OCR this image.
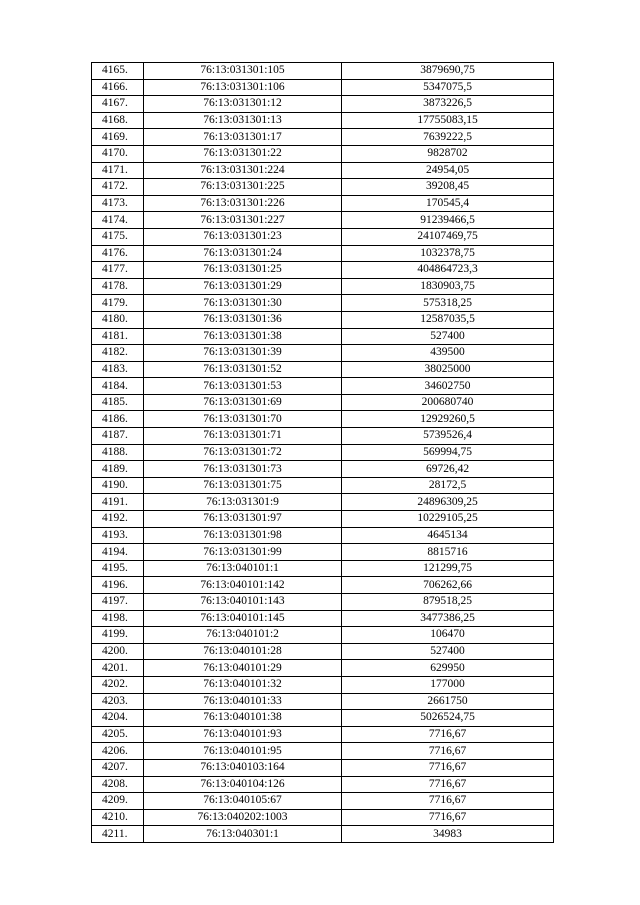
4165.	76:13:031301:105	3879690,75
4166.	76:13:031301:106	5347075,5
4167.	76:13:031301:12	3873226,5
4168.	76:13:031301:13	17755083,15
4169.	76:13:031301:17	7639222,5
4170.	76:13:031301:22	9828702
4171.	76:13:031301:224	24954,05
4172.	76:13:031301:225	39208,45
4173.	76:13:031301:226	170545,4
4174.	76:13:031301:227	91239466,5
4175.	76:13:031301:23	24107469,75
4176.	76:13:031301:24	1032378,75
4177.	76:13:031301:25	404864723,3
4178.	76:13:031301:29	1830903,75
4179.	76:13:031301:30	575318,25
4180.	76:13:031301:36	12587035,5
4181.	76:13:031301:38	527400
4182.	76:13:031301:39	439500
4183.	76:13:031301:52	38025000
4184.	76:13:031301:53	34602750
4185.	76:13:031301:69	200680740
4186.	76:13:031301:70	12929260,5
4187.	76:13:031301:71	5739526,4
4188.	76:13:031301:72	569994,75
4189.	76:13:031301:73	69726,42
4190.	76:13:031301:75	28172,5
4191.	76:13:031301:9	24896309,25
4192.	76:13:031301:97	10229105,25
4193.	76:13:031301:98	4645134
4194.	76:13:031301:99	8815716
4195.	76:13:040101:1	121299,75
4196.	76:13:040101:142	706262,66
4197.	76:13:040101:143	879518,25
4198.	76:13:040101:145	3477386,25
4199.	76:13:040101:2	106470
4200.	76:13:040101:28	527400
4201.	76:13:040101:29	629950
4202.	76:13:040101:32	177000
4203.	76:13:040101:33	2661750
4204.	76:13:040101:38	5026524,75
4205.	76:13:040101:93	7716,67
4206.	76:13:040101:95	7716,67
4207.	76:13:040103:164	7716,67
4208.	76:13:040104:126	7716,67
4209.	76:13:040105:67	7716,67
4210.	76:13:040202:1003	7716,67
4211.	76:13:040301:1	34983
